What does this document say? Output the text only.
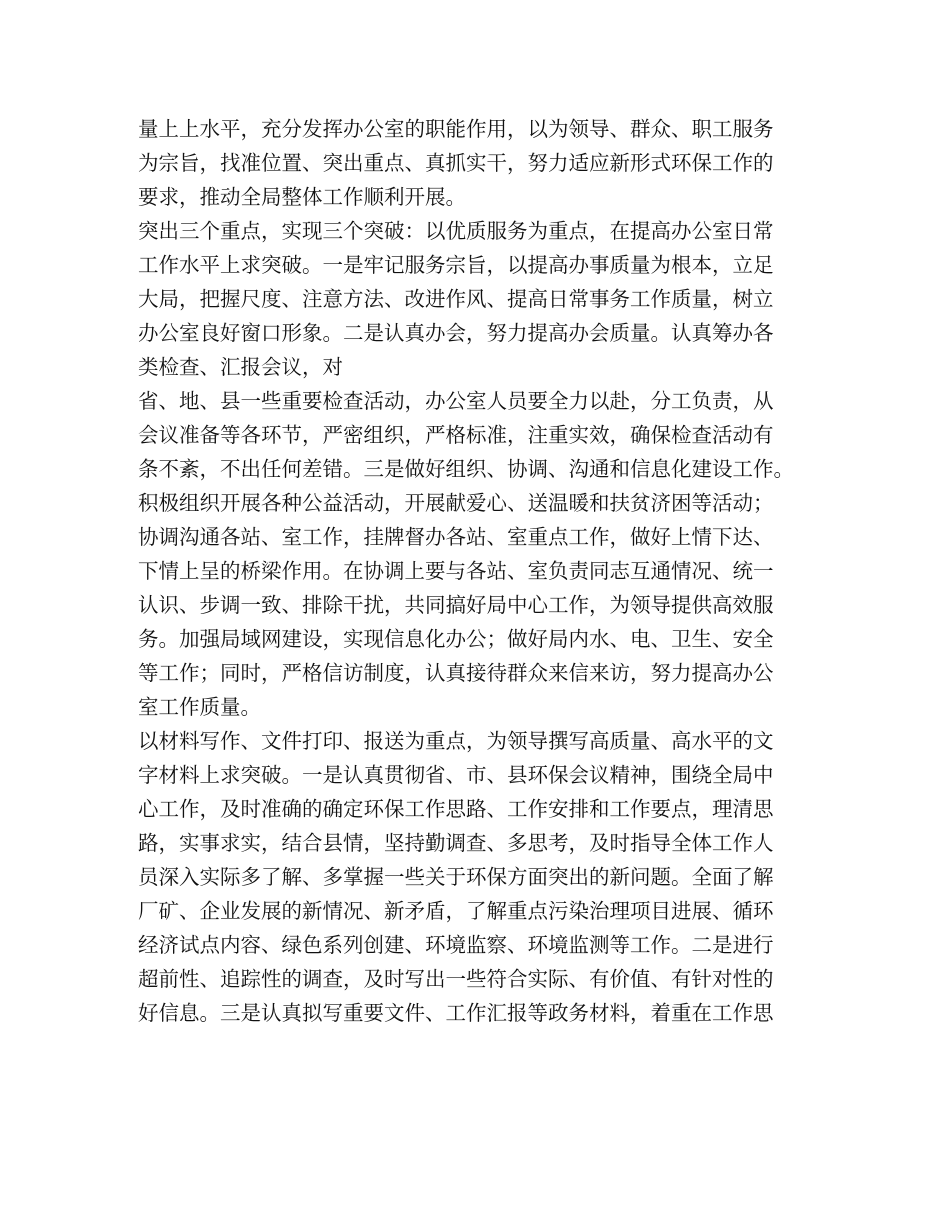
量上上水平，充分发挥办公室的职能作用，以为领导、群众、职工服务
为宗旨，找准位置、突出重点、真抓实干，努力适应新形式环保工作的
要求，推动全局整体工作顺利开展。
突出三个重点，实现三个突破：以优质服务为重点，在提高办公室日常
工作水平上求突破。一是牢记服务宗旨，以提高办事质量为根本，立足
大局，把握尺度、注意方法、改进作风、提高日常事务工作质量，树立
办公室良好窗口形象。二是认真办会，努力提高办会质量。认真筹办各
类检查、汇报会议，对
省、地、县一些重要检查活动，办公室人员要全力以赴，分工负责，从
会议准备等各环节，严密组织，严格标准，注重实效，确保检查活动有
条不紊，不出任何差错。三是做好组织、协调、沟通和信息化建设工作。
积极组织开展各种公益活动，开展献爱心、送温暖和扶贫济困等活动；
协调沟通各站、室工作，挂牌督办各站、室重点工作，做好上情下达、
下情上呈的桥梁作用。在协调上要与各站、室负责同志互通情况、统一
认识、步调一致、排除干扰，共同搞好局中心工作，为领导提供高效服
务。加强局域网建设，实现信息化办公；做好局内水、电、卫生、安全
等工作；同时，严格信访制度，认真接待群众来信来访，努力提高办公
室工作质量。
以材料写作、文件打印、报送为重点，为领导撰写高质量、高水平的文
字材料上求突破。一是认真贯彻省、市、县环保会议精神，围绕全局中
心工作，及时准确的确定环保工作思路、工作安排和工作要点，理清思
路，实事求实，结合县情，坚持勤调查、多思考，及时指导全体工作人
员深入实际多了解、多掌握一些关于环保方面突出的新问题。全面了解
厂矿、企业发展的新情况、新矛盾，了解重点污染治理项目进展、循环
经济试点内容、绿色系列创建、环境监察、环境监测等工作。二是进行
超前性、追踪性的调查，及时写出一些符合实际、有价值、有针对性的
好信息。三是认真拟写重要文件、工作汇报等政务材料，着重在工作思
